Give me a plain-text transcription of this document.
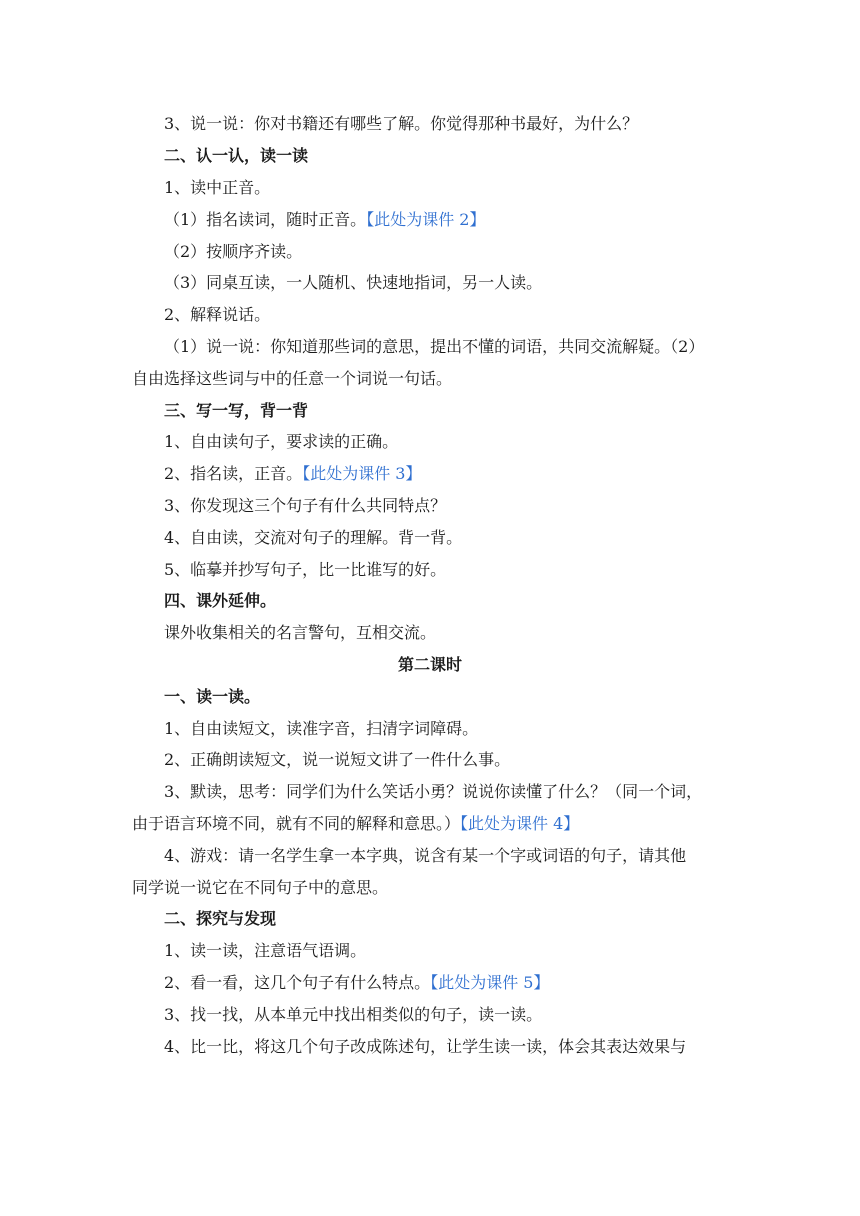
3、说一说：你对书籍还有哪些了解。你觉得那种书最好，为什么？
二、认一认，读一读
1、读中正音。
（1）指名读词，随时正音。【此处为课件 2】
（2）按顺序齐读。
（3）同桌互读，一人随机、快速地指词，另一人读。
2、解释说话。
（1）说一说：你知道那些词的意思，提出不懂的词语，共同交流解疑。（2）
自由选择这些词与中的任意一个词说一句话。
三、写一写，背一背
1、自由读句子，要求读的正确。
2、指名读，正音。【此处为课件 3】
3、你发现这三个句子有什么共同特点？
4、自由读，交流对句子的理解。背一背。
5、临摹并抄写句子，比一比谁写的好。
四、课外延伸。
课外收集相关的名言警句，互相交流。
第二课时
一、读一读。
1、自由读短文，读准字音，扫清字词障碍。
2、正确朗读短文，说一说短文讲了一件什么事。
3、默读，思考：同学们为什么笑话小勇？说说你读懂了什么？（同一个词，
由于语言环境不同，就有不同的解释和意思。）【此处为课件 4】
4、游戏：请一名学生拿一本字典，说含有某一个字或词语的句子，请其他
同学说一说它在不同句子中的意思。
二、探究与发现
1、读一读，注意语气语调。
2、看一看，这几个句子有什么特点。【此处为课件 5】
3、找一找，从本单元中找出相类似的句子，读一读。
4、比一比，将这几个句子改成陈述句，让学生读一读，体会其表达效果与
